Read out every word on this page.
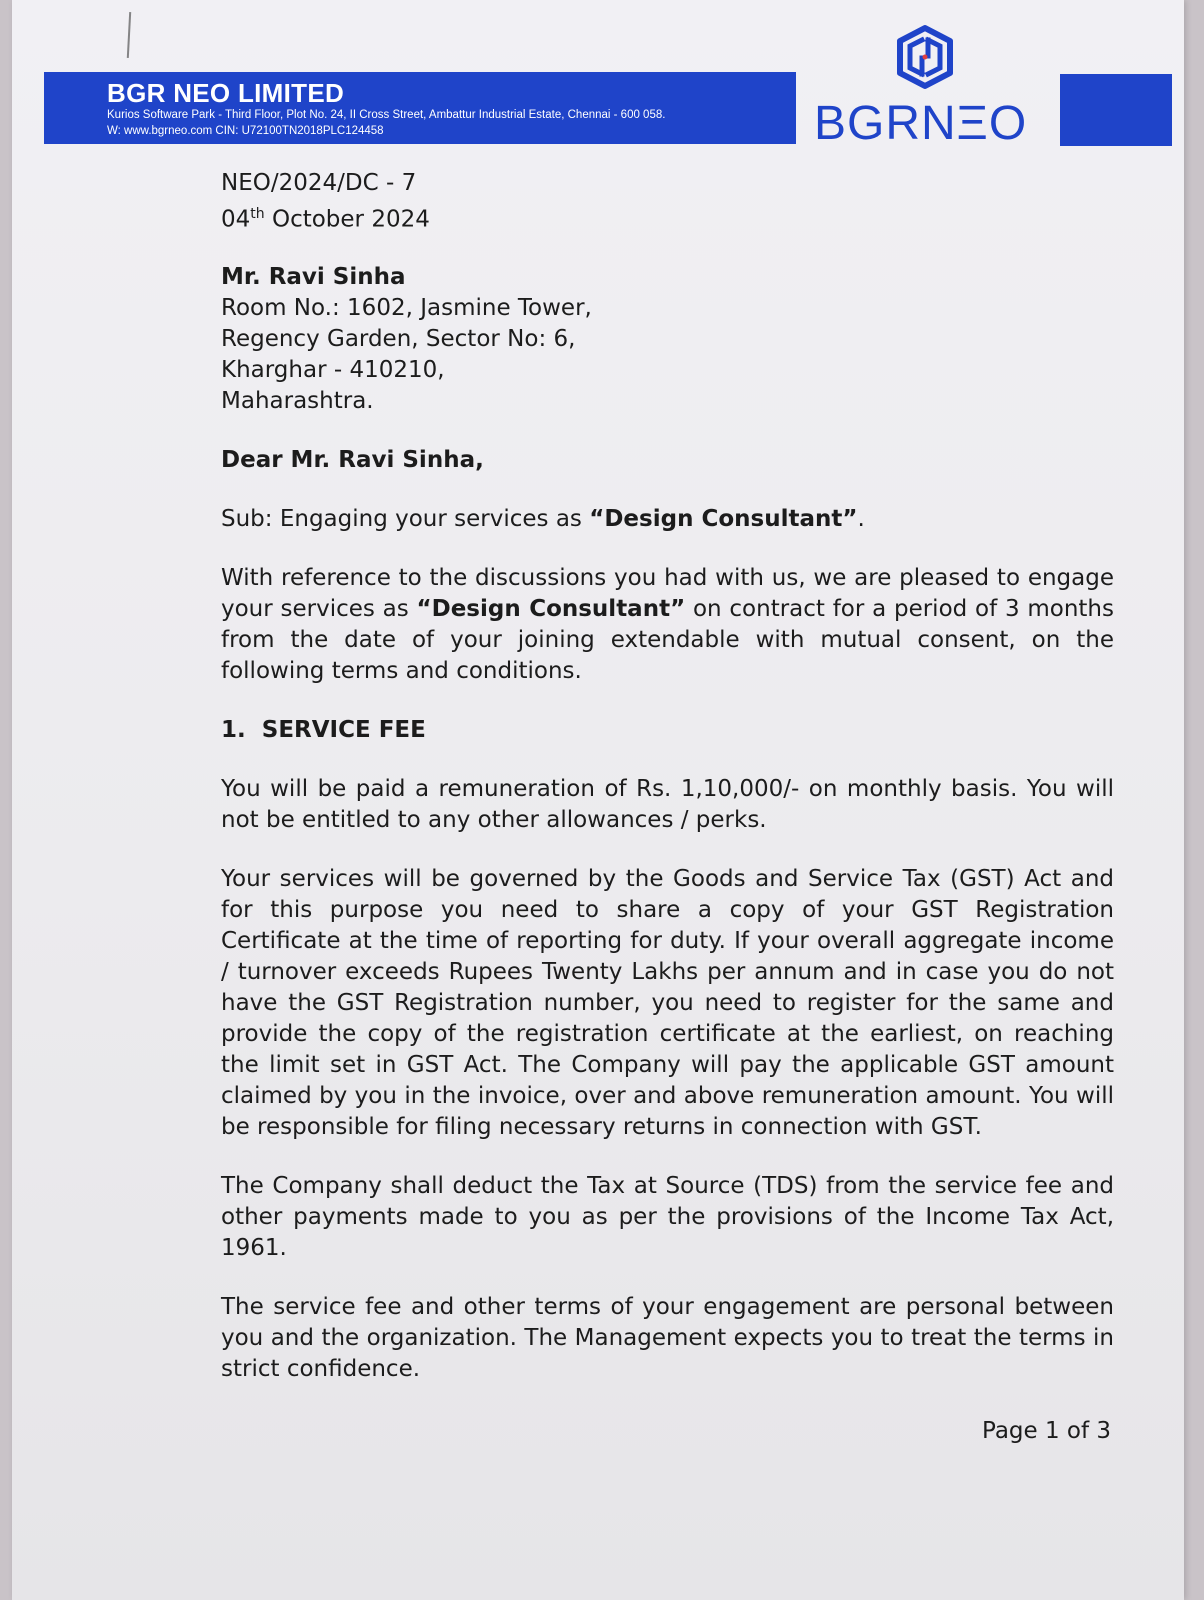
BGR NEO LIMITED
Kurios Software Park - Third Floor, Plot No. 24, II Cross Street, Ambattur Industrial Estate, Chennai - 600 058.
W: www.bgrneo.com CIN: U72100TN2018PLC124458	BGRNΞO
NEO/2024/DC - 7
04th October 2024
Mr. Ravi Sinha
Room No.: 1602, Jasmine Tower,
Regency Garden, Sector No: 6,
Kharghar - 410210,
Maharashtra.
Dear Mr. Ravi Sinha,
Sub: Engaging your services as “Design Consultant”.

With reference to the discussions you had with us, we are pleased to engage your services as “Design Consultant” on contract for a period of 3 months from the date of your joining extendable with mutual consent, on the following terms and conditions.

1.  SERVICE FEE

You will be paid a remuneration of Rs. 1,10,000/- on monthly basis. You will not be entitled to any other allowances / perks.

Your services will be governed by the Goods and Service Tax (GST) Act and for this purpose you need to share a copy of your GST Registration Certificate at the time of reporting for duty. If your overall aggregate income / turnover exceeds Rupees Twenty Lakhs per annum and in case you do not have the GST Registration number, you need to register for the same and provide the copy of the registration certificate at the earliest, on reaching the limit set in GST Act. The Company will pay the applicable GST amount claimed by you in the invoice, over and above remuneration amount. You will be responsible for filing necessary returns in connection with GST.

The Company shall deduct the Tax at Source (TDS) from the service fee and other payments made to you as per the provisions of the Income Tax Act, 1961.

The service fee and other terms of your engagement are personal between you and the organization. The Management expects you to treat the terms in strict confidence.

Page 1 of 3
